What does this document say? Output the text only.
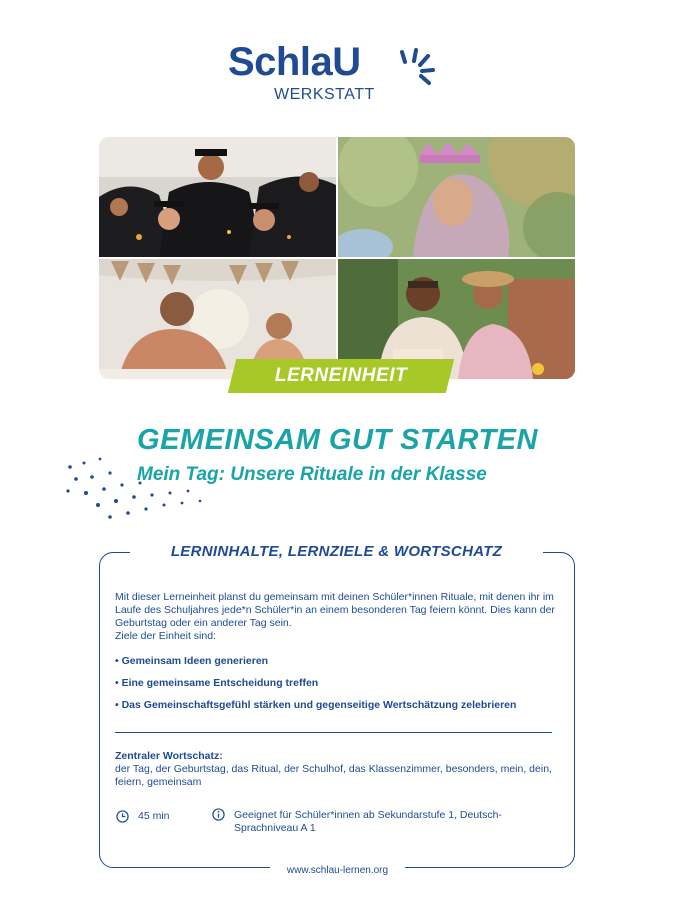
SchlaU
WERKSTATT
LERNEINHEIT
GEMEINSAM GUT STARTEN
Mein Tag: Unsere Rituale in der Klasse
LERNINHALTE, LERNZIELE & WORTSCHATZ
Mit dieser Lerneinheit planst du gemeinsam mit deinen Schüler*innen Rituale, mit denen ihr im Laufe des Schuljahres jede*n Schüler*in an einem besonderen Tag feiern könnt. Dies kann der Geburtstag oder ein anderer Tag sein.
Ziele der Einheit sind:
• Gemeinsam Ideen generieren
• Eine gemeinsame Entscheidung treffen
• Das Gemeinschaftsgefühl stärken und gegenseitige Wertschätzung zelebrieren
Zentraler Wortschatz:
der Tag, der Geburtstag, das Ritual, der Schulhof, das Klassenzimmer, besonders, mein, dein, feiern, gemeinsam
45 min	Geeignet für Schüler*innen ab Sekundarstufe 1, Deutsch-Sprachniveau A 1
www.schlau-lernen.org
